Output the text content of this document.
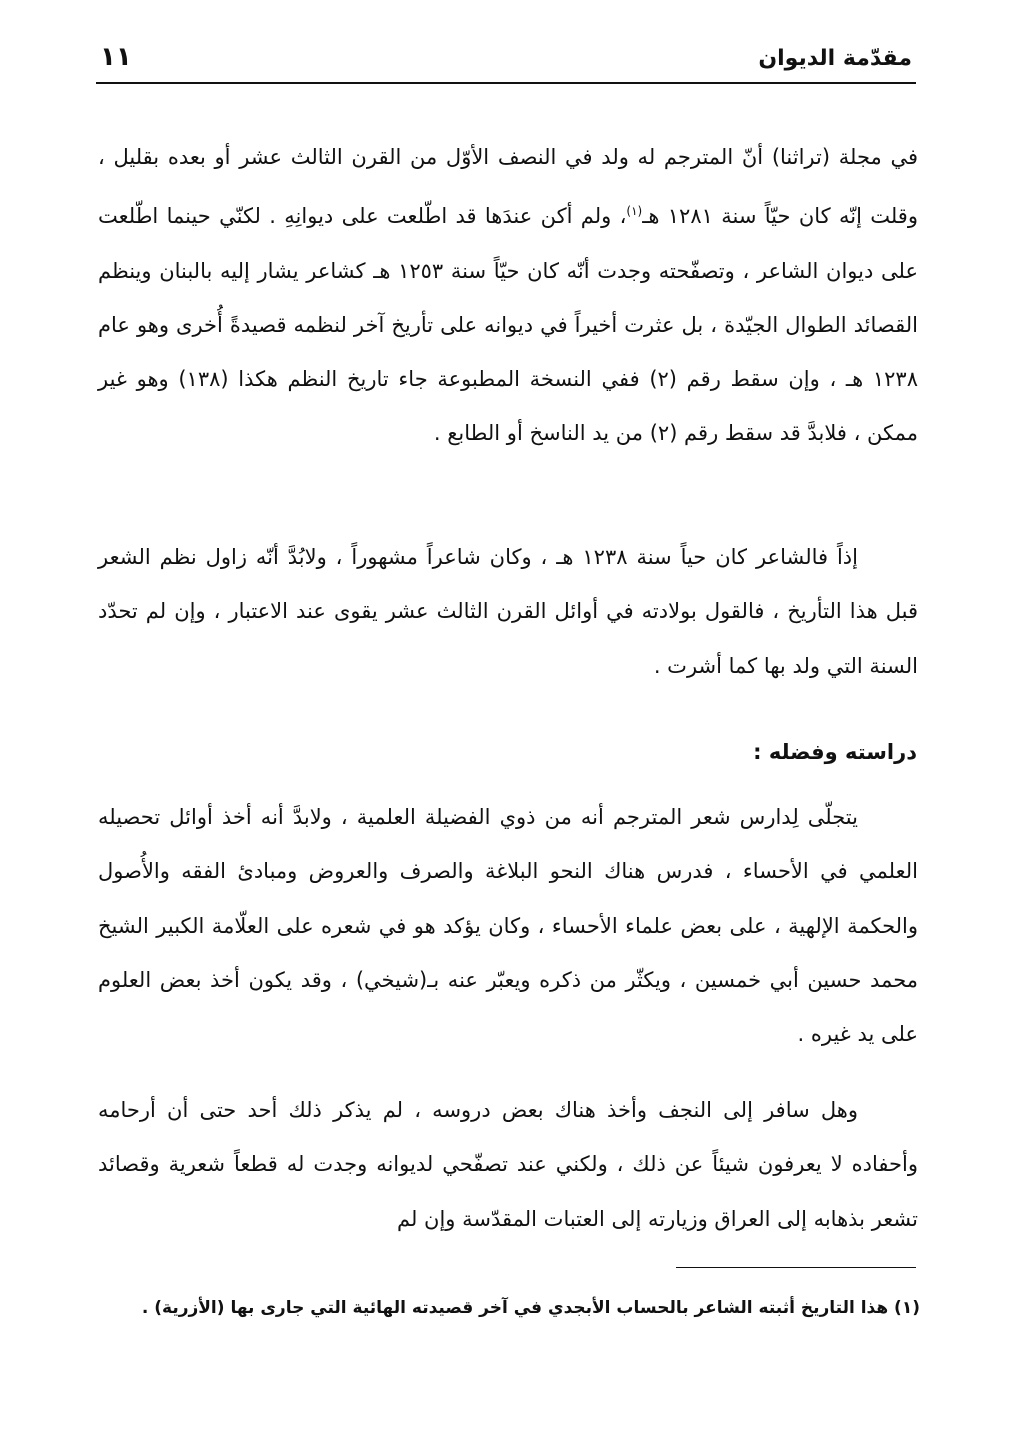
مقدّمة الديوان
١١

في مجلة (تراثنا) أنّ المترجم له ولد في النصف الأوّل من القرن الثالث عشر أو بعده بقليل ، وقلت إنّه كان حيّاً سنة ١٢٨١ هـ$^{(١)}$، ولم أكن عندَها قد اطّلعت على ديوانِهِ . لكنّي حينما اطّلعت على ديوان الشاعر ، وتصفّحته وجدت أنّه كان حيّاً سنة ١٢٥٣ هـ كشاعر يشار إليه بالبنان وينظم القصائد الطوال الجيّدة ، بل عثرت أخيراً في ديوانه على تأريخ آخر لنظمه قصيدةً أُخرى وهو عام ١٢٣٨ هـ ، وإن سقط رقم (٢) ففي النسخة المطبوعة جاء تاريخ النظم هكذا (١٣٨) وهو غير ممكن ، فلابدَّ قد سقط رقم (٢) من يد الناسخ أو الطابع .

إذاً فالشاعر كان حياً سنة ١٢٣٨ هـ ، وكان شاعراً مشهوراً ، ولابُدَّ أنّه زاول نظم الشعر قبل هذا التأريخ ، فالقول بولادته في أوائل القرن الثالث عشر يقوى عند الاعتبار ، وإن لم تحدّد السنة التي ولد بها كما أشرت .

دراسته وفضله :

يتجلّى لِدارس شعر المترجم أنه من ذوي الفضيلة العلمية ، ولابدَّ أنه أخذ أوائل تحصيله العلمي في الأحساء ، فدرس هناك النحو البلاغة والصرف والعروض ومبادئ الفقه والأُصول والحكمة الإلهية ، على بعض علماء الأحساء ، وكان يؤكد هو في شعره على العلّامة الكبير الشيخ محمد حسين أبي خمسين ، ويكثّر من ذكره ويعبّر عنه بـ(شيخي) ، وقد يكون أخذ بعض العلوم على يد غيره .

وهل سافر إلى النجف وأخذ هناك بعض دروسه ، لم يذكر ذلك أحد حتى أن أرحامه وأحفاده لا يعرفون شيئاً عن ذلك ، ولكني عند تصفّحي لديوانه وجدت له قطعاً شعرية وقصائد تشعر بذهابه إلى العراق وزيارته إلى العتبات المقدّسة وإن لم

(١) هذا التاريخ أثبته الشاعر بالحساب الأبجدي في آخر قصيدته الهائية التي جارى بها (الأزرية) .
